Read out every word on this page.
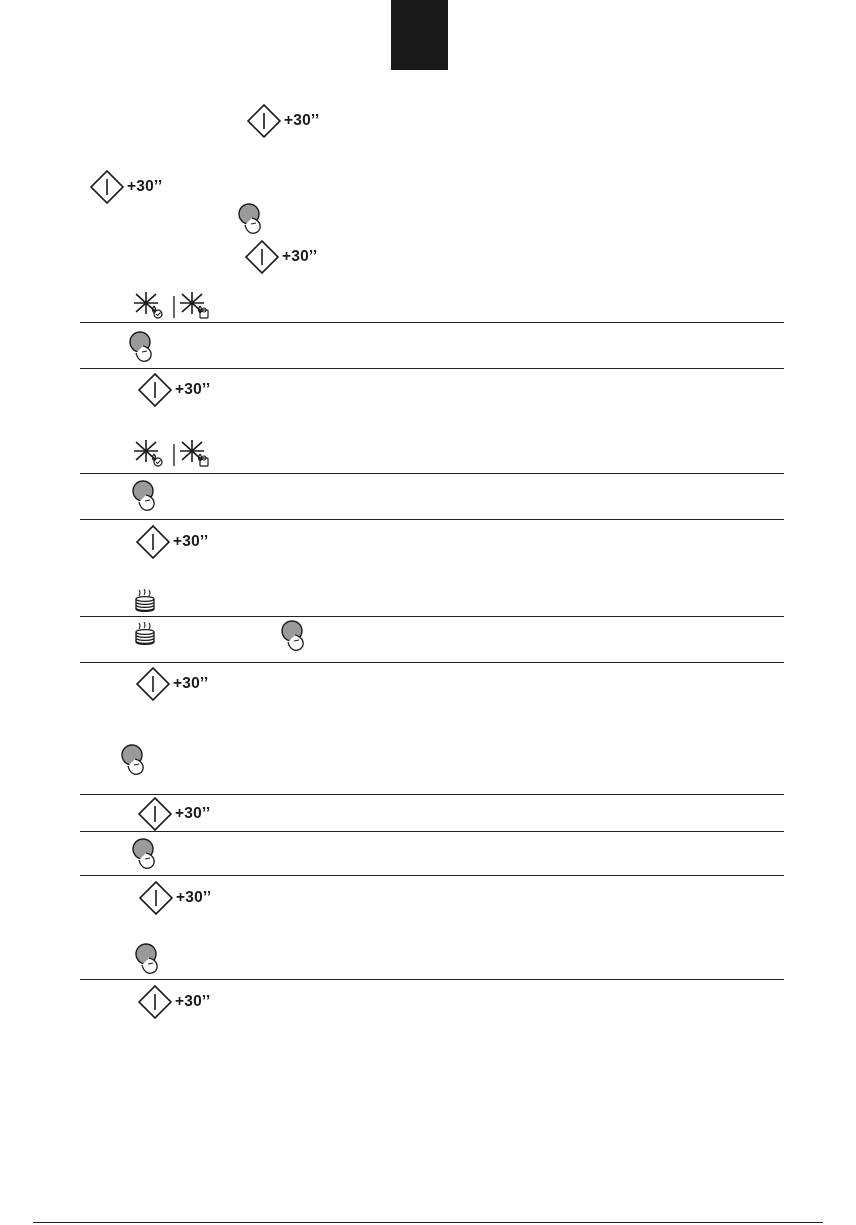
+30’’
+30’’
+30’’
+30’’
+30’’
+30’’
+30’’
+30’’
+30’’
